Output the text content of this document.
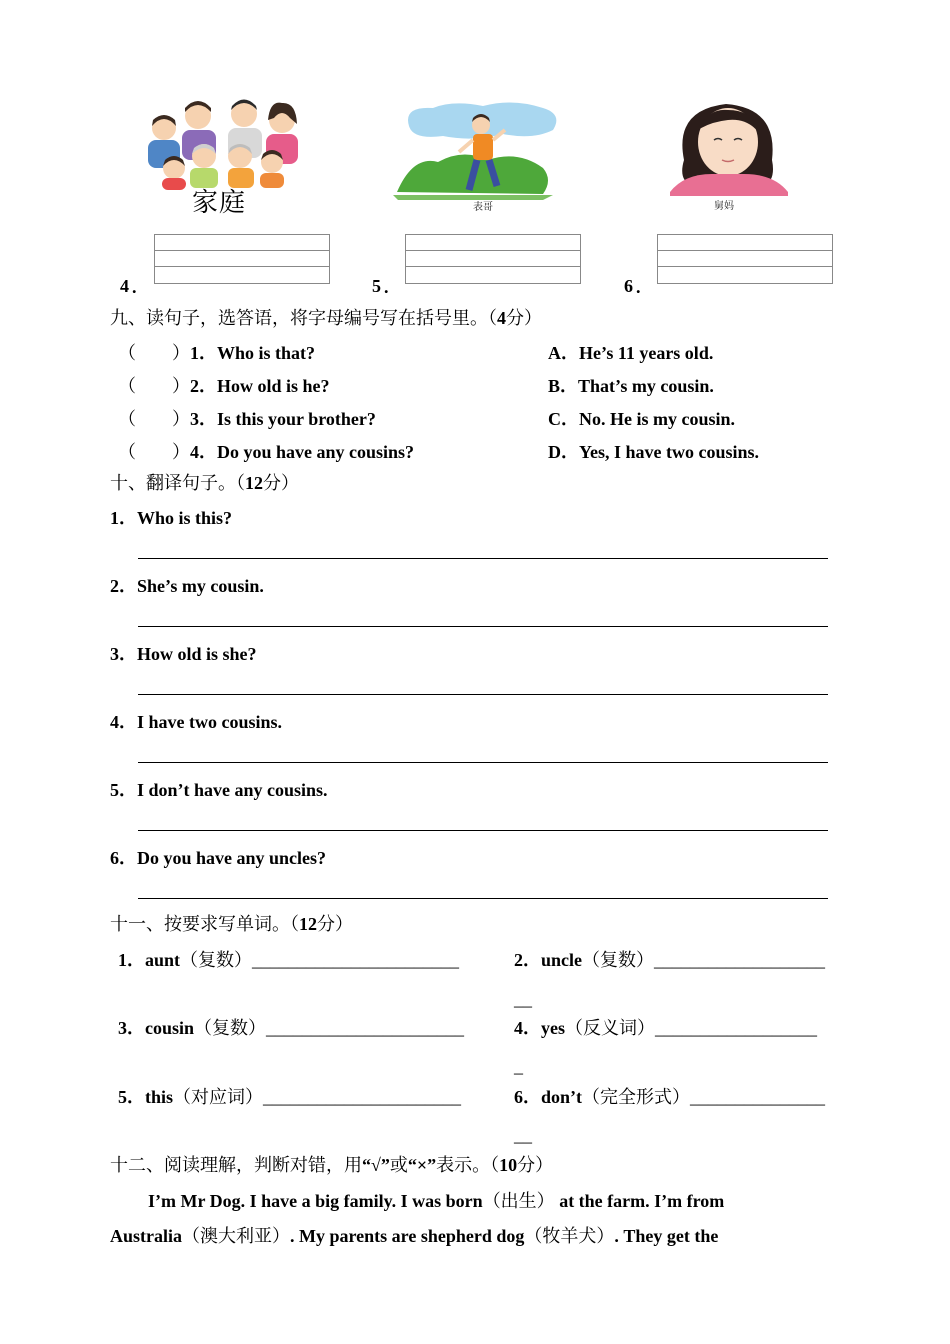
家庭	表哥	舅妈
4 .	5 .	6 .
九、读句子，选答语，将字母编号写在括号里。（4分）
（　　）1．Who is that?
（　　）2．How old is he?
（　　）3．Is this your brother?
（　　）4．Do you have any cousins?
A．He’s 11 years old.
B．That’s my cousin.
C．No. He is my cousin.
D．Yes, I have two cousins.
十、翻译句子。（12分）
1．Who is this?
2．She’s my cousin.
3．How old is she?
4．I have two cousins.
5．I don’t have any cousins.
6．Do you have any uncles?
十一、按要求写单词。（12分）
1．aunt（复数）_______________________	2．uncle（复数）___________________
__
3．cousin（复数）______________________	4．yes（反义词）__________________
_
5．this（对应词）______________________	6．don’t（完全形式）_______________
__
十二、阅读理解，判断对错，用“√”或“×”表示。（10分）
I’m Mr Dog. I have a big family. I was born（出生） at the farm. I’m from
Australia（澳大利亚）. My parents are shepherd dog（牧羊犬）. They get the
